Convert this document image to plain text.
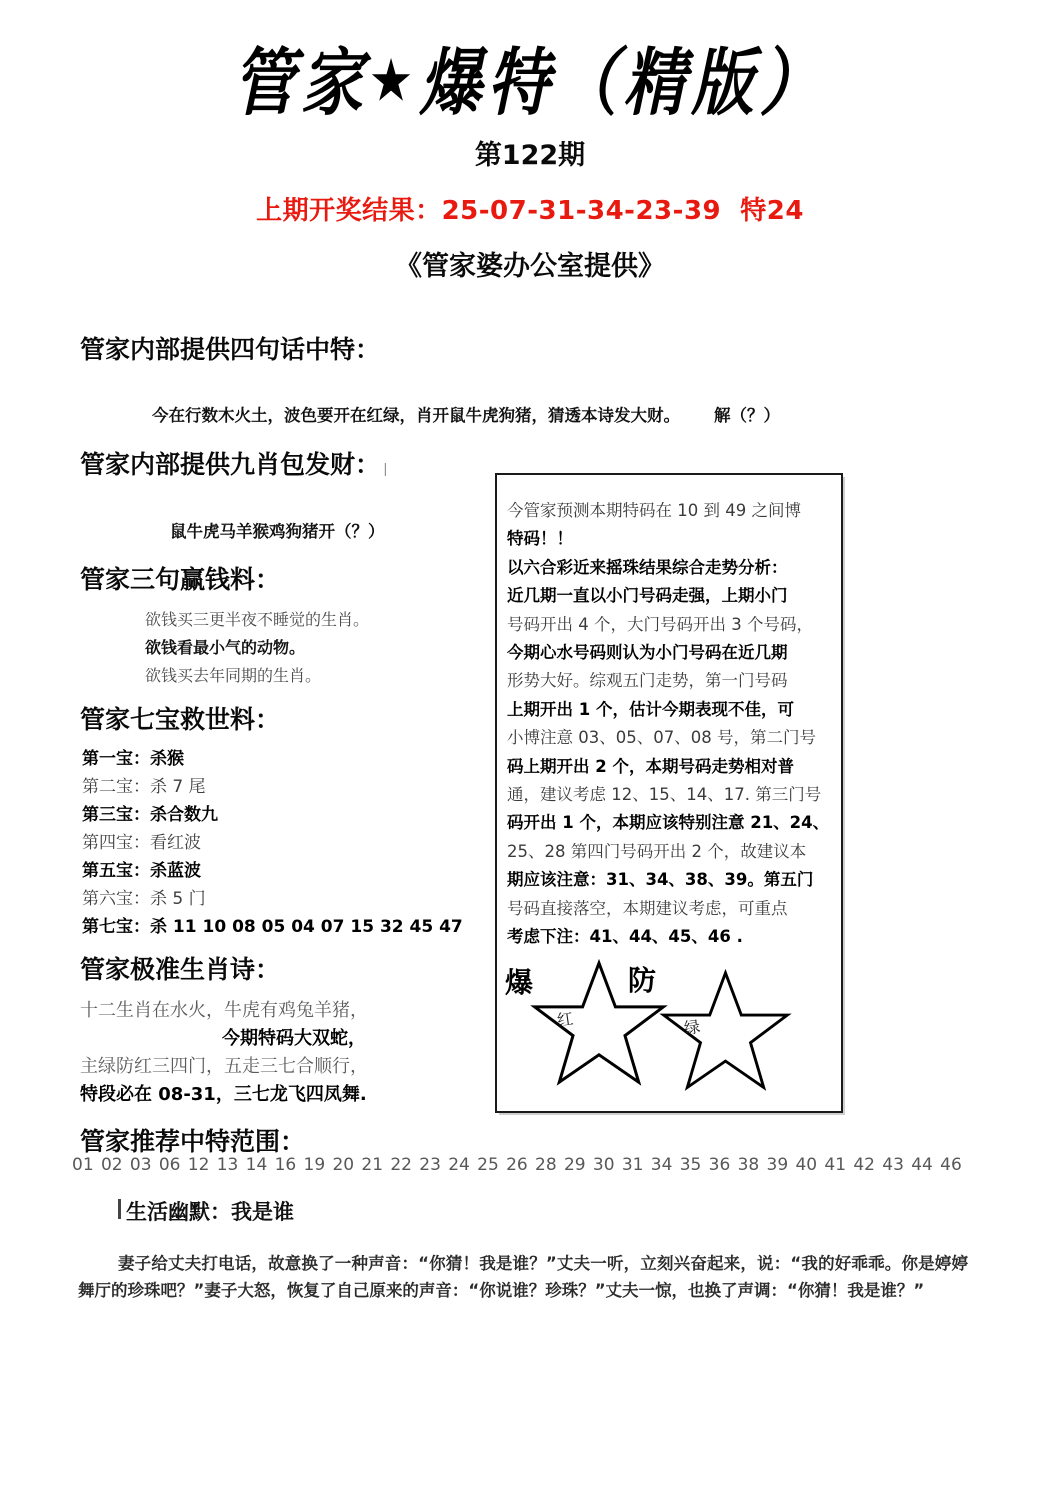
管家★爆特（精版）
第122期
上期开奖结果：25-07-31-34-23-39 特24
《管家婆办公室提供》
管家内部提供四句话中特：
今在行数木火土，波色要开在红绿，肖开鼠牛虎狗猪，猜透本诗发大财。 解（？）
管家内部提供九肖包发财： |
鼠牛虎马羊猴鸡狗猪开（？）
管家三句赢钱料：
欲钱买三更半夜不睡觉的生肖。
欲钱看最小气的动物。
欲钱买去年同期的生肖。
管家七宝救世料：
第一宝：杀猴
第二宝：杀 7 尾
第三宝：杀合数九
第四宝：看红波
第五宝：杀蓝波
第六宝：杀 5 门
第七宝：杀 11 10 08 05 04 07 15 32 45 47
管家极准生肖诗：
十二生肖在水火，牛虎有鸡兔羊猪，
今期特码大双蛇，
主绿防红三四门，五走三七合顺行，
特段必在 08-31，三七龙飞四凤舞.
管家推荐中特范围：
01 02 03 06 12 13 14 16 19 20 21 22 23 24 25 26 28 29 30 31 34 35 36 38 39 40 41 42 43 44 46
今管家预测本期特码在 10 到 49 之间博
特码！！
以六合彩近来摇珠结果综合走势分析：
近几期一直以小门号码走强，上期小门
号码开出 4 个，大门号码开出 3 个号码，
今期心水号码则认为小门号码在近几期
形势大好。综观五门走势，第一门号码
上期开出 1 个，估计今期表现不佳，可
小博注意 03、05、07、08 号，第二门号
码上期开出 2 个，本期号码走势相对普
通，建议考虑 12、15、14、17. 第三门号
码开出 1 个，本期应该特别注意 21、24、
25、28 第四门号码开出 2 个，故建议本
期应该注意：31、34、38、39。第五门
号码直接落空，本期建议考虑，可重点
考虑下注：41、44、45、46 .
爆
红
防
绿
生活幽默：我是谁
妻子给丈夫打电话，故意换了一种声音：“你猜！我是谁？”丈夫一听，立刻兴奋起来，说：“我的好乖乖。你是婷婷舞厅的珍珠吧？”妻子大怒，恢复了自己原来的声音：“你说谁？珍珠？”丈夫一惊，也换了声调：“你猜！我是谁？”
